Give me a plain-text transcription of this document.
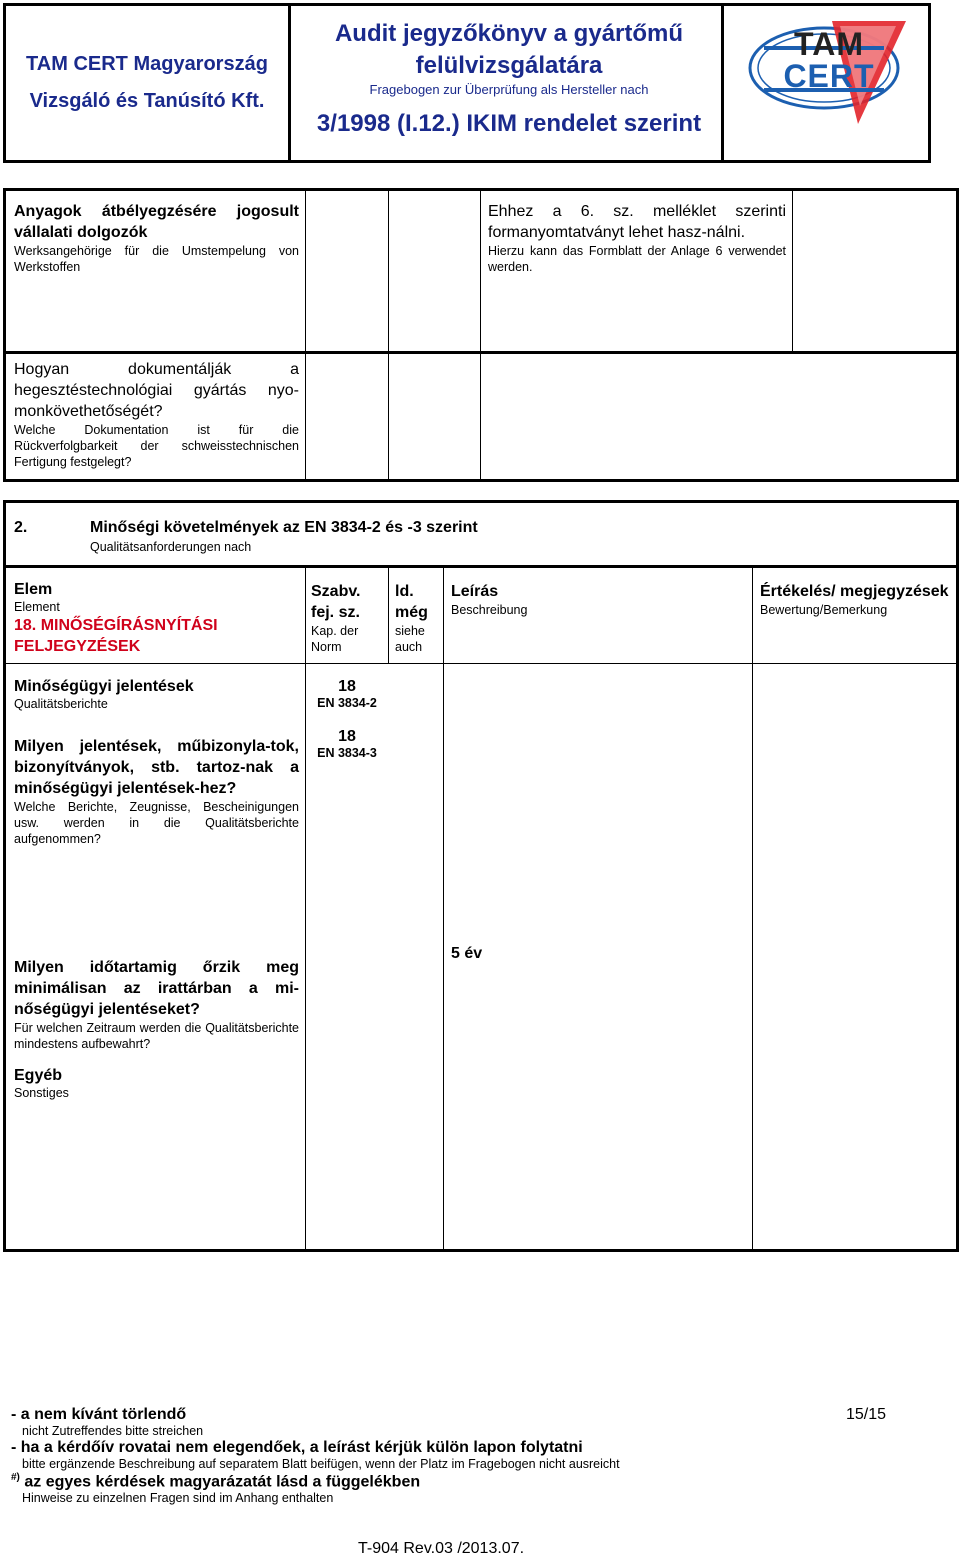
TAM CERT Magyarország
Vizsgáló és Tanúsító Kft.
Audit jegyzőkönyv a gyártőmű
felülvizsgálatára
Fragebogen zur Überprüfung als Hersteller nach
3/1998 (I.12.) IKIM rendelet szerint
TAM
CERT
Anyagok átbélyegzésére jogosult vállalati dolgozók
Werksangehörige für die Umstempelung von Werkstoffen
Ehhez a 6. sz. melléklet szerinti formanyomtatványt lehet hasz-nálni.
Hierzu kann das Formblatt der Anlage 6 verwendet werden.
Hogyan dokumentálják a hegesztéstechnológiai gyártás nyo-monkövethetőségét?
Welche Dokumentation ist für die Rückverfolgbarkeit der schweisstechnischen Fertigung festgelegt?
2.	Minőségi követelmények az EN 3834-2 és -3 szerint
Qualitätsanforderungen nach
Elem
Element
18. MINŐSÉGÍRÁSNYÍTÁSI FELJEGYZÉSEK
Szabv. fej. sz.
Kap. der Norm
ld. még
siehe auch
Leírás
Beschreibung
Értékelés/ megjegyzések
Bewertung/Bemerkung
Minőségügyi jelentések
Qualitätsberichte
18
EN 3834-2
Milyen jelentések, műbizonyla-tok, bizonyítványok, stb. tartoz-nak a minőségügyi jelentések-hez?
Welche Berichte, Zeugnisse, Bescheinigungen usw. werden in die Qualitätsberichte aufgenommen?
18
EN 3834-3
Milyen időtartamig őrzik meg minimálisan az irattárban a mi-nőségügyi jelentéseket?
Für welchen Zeitraum werden die Qualitätsberichte mindestens aufbewahrt?
5 év
Egyéb
Sonstiges
- a nem kívánt törlendő
nicht Zutreffendes bitte streichen
- ha a kérdőív rovatai nem elegendőek, a leírást kérjük külön lapon folytatni
bitte ergänzende Beschreibung auf separatem Blatt beifügen, wenn der Platz im Fragebogen nicht ausreicht
#) az egyes kérdések magyarázatát lásd a függelékben
Hinweise zu einzelnen Fragen sind im Anhang enthalten
15/15
T-904 Rev.03 /2013.07.
